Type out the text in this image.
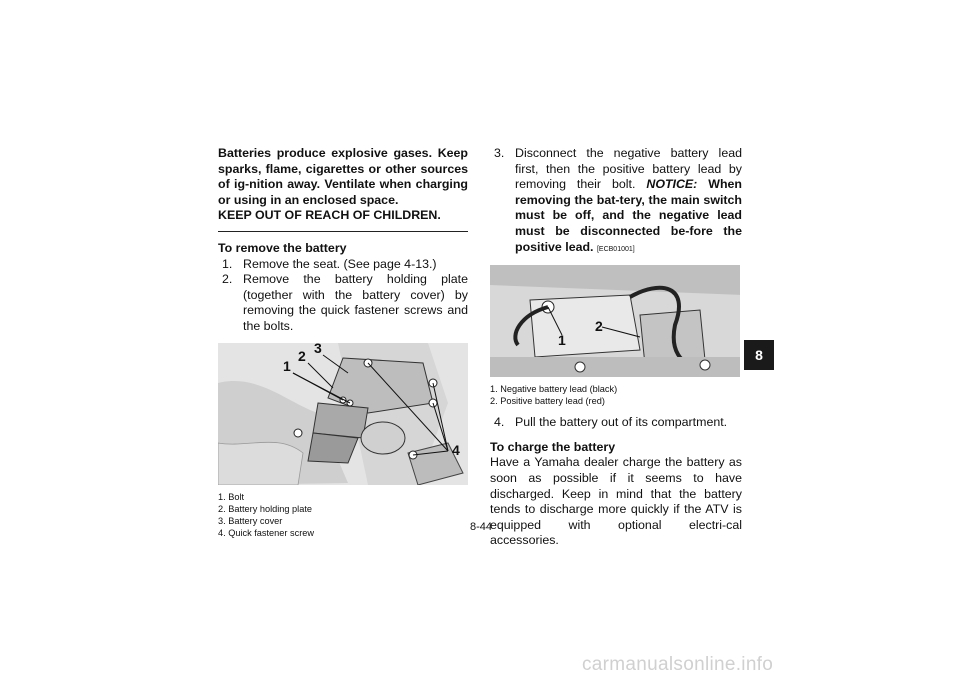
Batteries produce explosive gases. Keep sparks, flame, cigarettes or other sources of ig-nition away. Ventilate when charging or using in an enclosed space.
KEEP OUT OF REACH OF CHILDREN.
To remove the battery
1. Remove the seat. (See page 4-13.)
2. Remove the battery holding plate (together with the battery cover) by removing the quick fastener screws and the bolts.
1
2 3
4
1. Bolt
2. Battery holding plate
3. Battery cover
4. Quick fastener screw
3. Disconnect the negative battery lead first, then the positive battery lead by removing their bolt. NOTICE: When removing the bat-tery, the main switch must be off, and the negative lead must be disconnected be-fore the positive lead. [ECB01001]
1
2
1. Negative battery lead (black)
2. Positive battery lead (red)
4. Pull the battery out of its compartment.
To charge the battery
Have a Yamaha dealer charge the battery as soon as possible if it seems to have discharged. Keep in mind that the battery tends to discharge more quickly if the ATV is equipped with optional electri-cal accessories.
8
8-44
carmanualsonline.info
